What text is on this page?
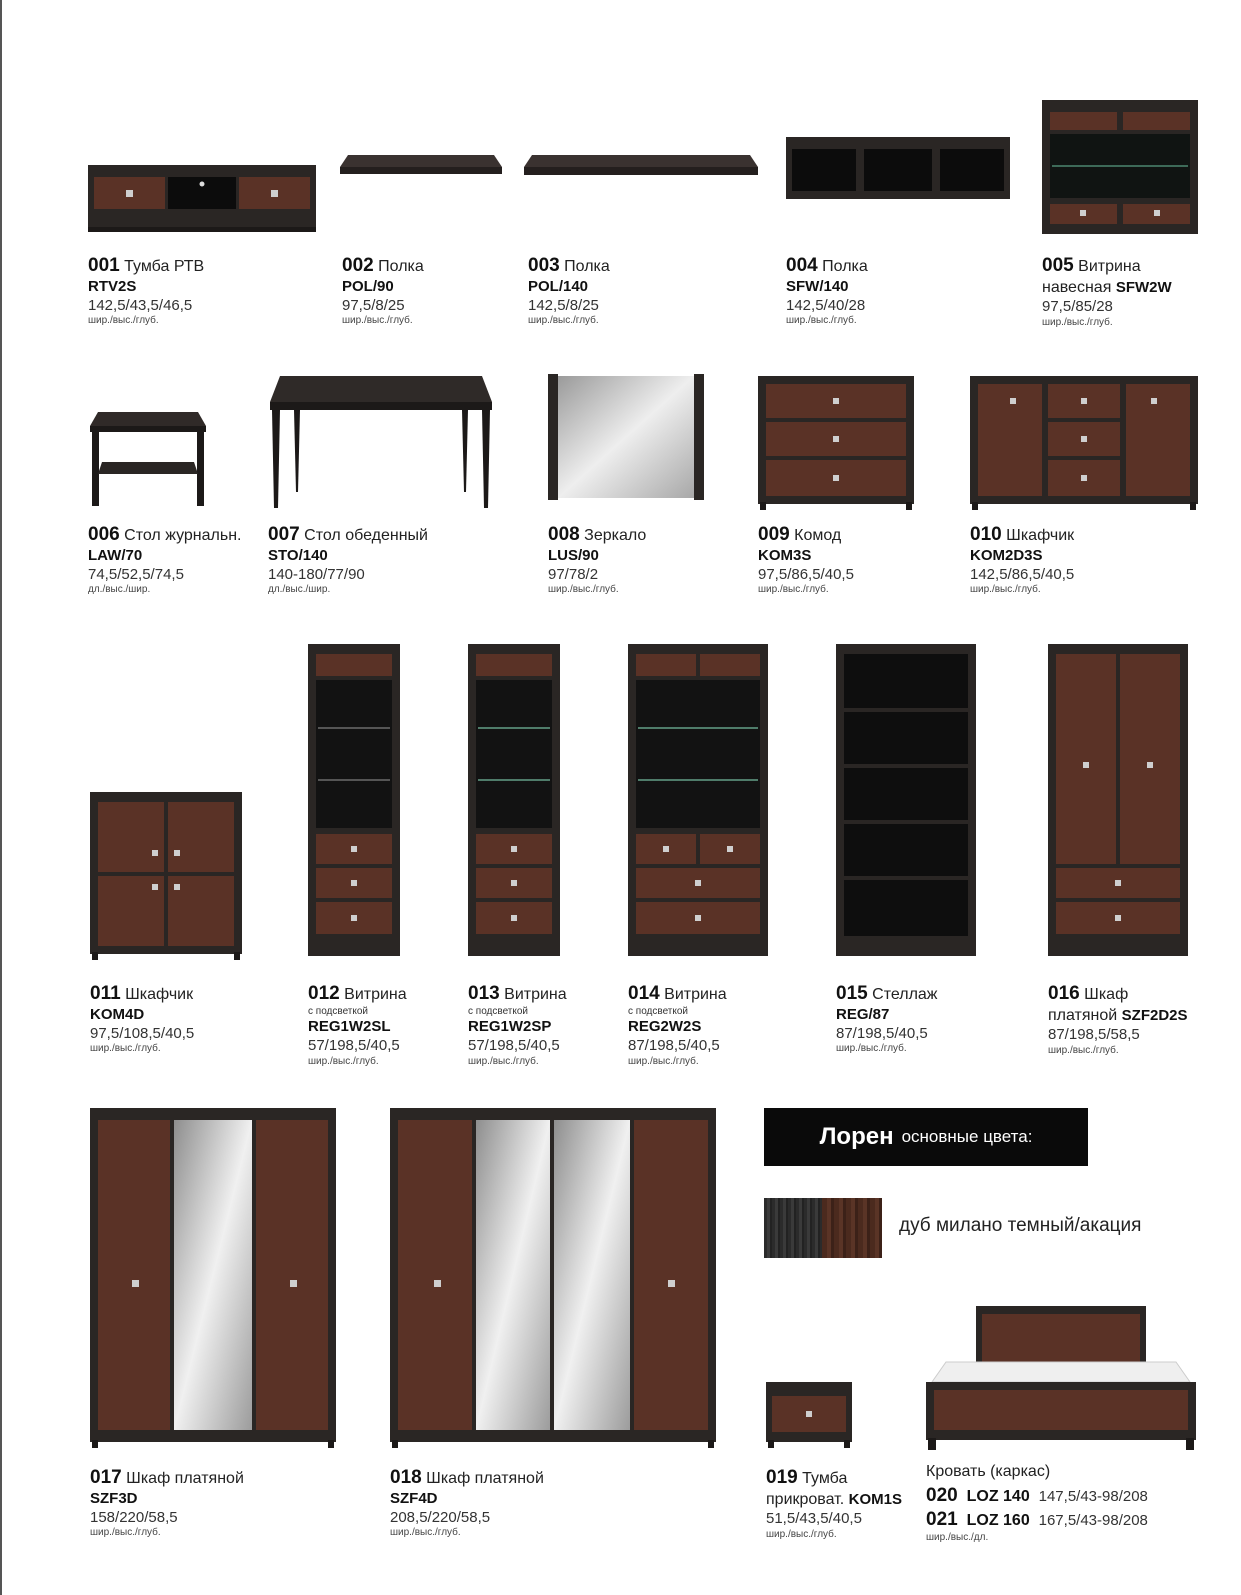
001 Тумба РТВ
RTV2S
142,5/43,5/46,5
шир./выс./глуб.
002 Полка
POL/90
97,5/8/25
шир./выс./глуб.
003 Полка
POL/140
142,5/8/25
шир./выс./глуб.
004 Полка
SFW/140
142,5/40/28
шир./выс./глуб.
005 Витрина
навесная SFW2W
97,5/85/28
шир./выс./глуб.
006 Стол журнальн.
LAW/70
74,5/52,5/74,5
дл./выс./шир.
007 Стол обеденный
STO/140
140-180/77/90
дл./выс./шир.
008 Зеркало
LUS/90
97/78/2
шир./выс./глуб.
009 Комод
KOM3S
97,5/86,5/40,5
шир./выс./глуб.
010 Шкафчик
KOM2D3S
142,5/86,5/40,5
шир./выс./глуб.
011 Шкафчик
KOM4D
97,5/108,5/40,5
шир./выс./глуб.
012 Витрина
с подсветкой
REG1W2SL
57/198,5/40,5
шир./выс./глуб.
013 Витрина
с подсветкой
REG1W2SP
57/198,5/40,5
шир./выс./глуб.
014 Витрина
с подсветкой
REG2W2S
87/198,5/40,5
шир./выс./глуб.
015 Стеллаж
REG/87
87/198,5/40,5
шир./выс./глуб.
016 Шкаф
платяной SZF2D2S
87/198,5/58,5
шир./выс./глуб.
Лорен основные цвета:
дуб милано темный/акация
017 Шкаф платяной
SZF3D
158/220/58,5
шир./выс./глуб.
018 Шкаф платяной
SZF4D
208,5/220/58,5
шир./выс./глуб.
019 Тумба
прикроват. KOM1S
51,5/43,5/40,5
шир./выс./глуб.
Кровать (каркас)
020 LOZ 140 147,5/43-98/208
021 LOZ 160 167,5/43-98/208
шир./выс./дл.
